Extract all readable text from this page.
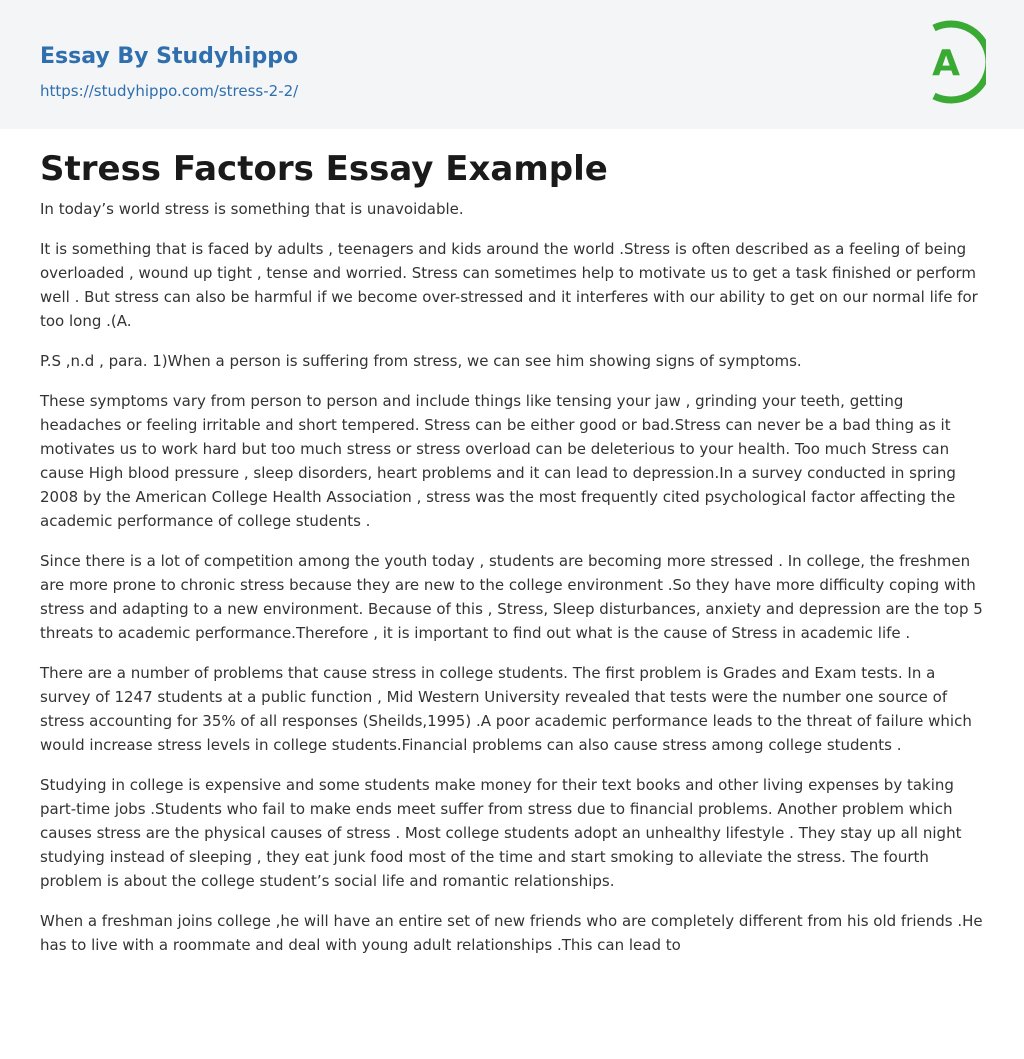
Essay By Studyhippo
https://studyhippo.com/stress-2-2/
A
Stress Factors Essay Example

In today’s world stress is something that is unavoidable.

It is something that is faced by adults , teenagers and kids around the world .Stress is often described as a feeling of being overloaded , wound up tight , tense and worried. Stress can sometimes help to motivate us to get a task finished or perform well . But stress can also be harmful if we become over-stressed and it interferes with our ability to get on our normal life for too long .(A.

P.S ,n.d , para. 1)When a person is suffering from stress, we can see him showing signs of symptoms.

These symptoms vary from person to person and include things like tensing your jaw , grinding your teeth, getting headaches or feeling irritable and short tempered. Stress can be either good or bad.Stress can never be a bad thing as it motivates us to work hard but too much stress or stress overload can be deleterious to your health. Too much Stress can cause High blood pressure , sleep disorders, heart problems and it can lead to depression.In a survey conducted in spring 2008 by the American College Health Association , stress was the most frequently cited psychological factor affecting the academic performance of college students .

Since there is a lot of competition among the youth today , students are becoming more stressed . In college, the freshmen are more prone to chronic stress because they are new to the college environment .So they have more difficulty coping with stress and adapting to a new environment. Because of this , Stress, Sleep disturbances, anxiety and depression are the top 5 threats to academic performance.Therefore , it is important to find out what is the cause of Stress in academic life .

There are a number of problems that cause stress in college students. The first problem is Grades and Exam tests. In a survey of 1247 students at a public function , Mid Western University revealed that tests were the number one source of stress accounting for 35% of all responses (Sheilds,1995) .A poor academic performance leads to the threat of failure which would increase stress levels in college students.Financial problems can also cause stress among college students .

Studying in college is expensive and some students make money for their text books and other living expenses by taking part-time jobs .Students who fail to make ends meet suffer from stress due to financial problems. Another problem which causes stress are the physical causes of stress . Most college students adopt an unhealthy lifestyle . They stay up all night studying instead of sleeping , they eat junk food most of the time and start smoking to alleviate the stress. The fourth problem is about the college student’s social life and romantic relationships.

When a freshman joins college ,he will have an entire set of new friends who are completely different from his old friends .He has to live with a roommate and deal with young adult relationships .This can lead to
